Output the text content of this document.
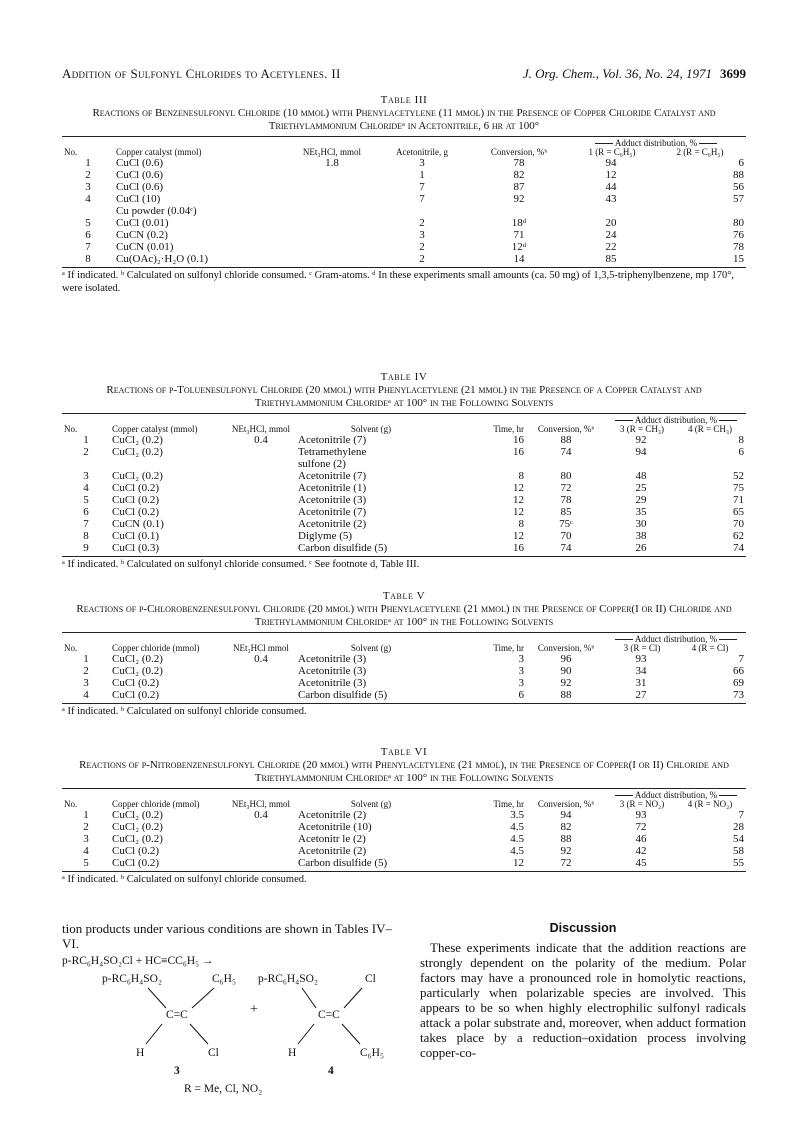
Addition of Sulfonyl Chlorides to Acetylenes. II	J. Org. Chem., Vol. 36, No. 24, 1971 3699
Table III
Reactions of Benzenesulfonyl Chloride (10 mmol) with Phenylacetylene (11 mmol) in the Presence of Copper Chloride Catalyst and Triethylammonium Chlorideᵃ in Acetonitrile, 6 hr at 100°
No.	Copper catalyst (mmol)	NEt₃HCl, mmol	Acetonitrile, g	Conversion, %ᵇ	Adduct distribution, %
1 (R = C₆H₅) 2 (R = C₆H₅)	

1	CuCl (0.6)	1.8	3	78	94	6
2	CuCl (0.6)		1	82	12	88
3	CuCl (0.6)		7	87	44	56
4	CuCl (10)		7	92	43	57
	Cu powder (0.04ᶜ)					
5	CuCl (0.01)		2	18ᵈ	20	80
6	CuCN (0.2)		3	71	24	76
7	CuCN (0.01)		2	12ᵈ	22	78
8	Cu(OAc)₂·H₂O (0.1)		2	14	85	15
ᵃ If indicated. ᵇ Calculated on sulfonyl chloride consumed. ᶜ Gram-atoms. ᵈ In these experiments small amounts (ca. 50 mg) of 1,3,5-triphenylbenzene, mp 170°, were isolated.
Table IV
Reactions of p-Toluenesulfonyl Chloride (20 mmol) with Phenylacetylene (21 mmol) in the Presence of a Copper Catalyst and Triethylammonium Chlorideᵃ at 100° in the Following Solvents
No.	Copper catalyst (mmol)	NEt₃HCl, mmol	Solvent (g)	Time, hr	Conversion, %ᵇ	Adduct distribution, %
3 (R = CH₃) 4 (R = CH₃)	

1	CuCl₂ (0.2)	0.4	Acetonitrile (7)	16	88	92	8
2	CuCl₂ (0.2)		Tetramethylene	16	74	94	6
			sulfone (2)				
3	CuCl₂ (0.2)		Acetonitrile (7)	8	80	48	52
4	CuCl (0.2)		Acetonitrile (1)	12	72	25	75
5	CuCl (0.2)		Acetonitrile (3)	12	78	29	71
6	CuCl (0.2)		Acetonitrile (7)	12	85	35	65
7	CuCN (0.1)		Acetonitrile (2)	8	75ᶜ	30	70
8	CuCl (0.1)		Diglyme (5)	12	70	38	62
9	CuCl (0.3)		Carbon disulfide (5)	16	74	26	74
ᵃ If indicated. ᵇ Calculated on sulfonyl chloride consumed. ᶜ See footnote d, Table III.
Table V
Reactions of p-Chlorobenzenesulfonyl Chloride (20 mmol) with Phenylacetylene (21 mmol) in the Presence of Copper(I or II) Chloride and Triethylammonium Chlorideᵃ at 100° in the Following Solvents
No.	Copper chloride (mmol)	NEt₃HCl mmol	Solvent (g)	Time, hr	Conversion, %ᵇ	Adduct distribution, %
3 (R = Cl) 4 (R = Cl)	

1	CuCl₂ (0.2)	0.4	Acetonitrile (3)	3	96	93	7
2	CuCl₂ (0.2)		Acetonitrile (3)	3	90	34	66
3	CuCl (0.2)		Acetonitrile (3)	3	92	31	69
4	CuCl (0.2)		Carbon disulfide (5)	6	88	27	73
ᵃ If indicated. ᵇ Calculated on sulfonyl chloride consumed.
Table VI
Reactions of p-Nitrobenzenesulfonyl Chloride (20 mmol) with Phenylacetylene (21 mmol), in the Presence of Copper(I or II) Chloride and Triethylammonium Chlorideᵃ at 100° in the Following Solvents
No.	Copper chloride (mmol)	NEt₃HCl, mmol	Solvent (g)	Time, hr	Conversion, %ᵇ	Adduct distribution, %
3 (R = NO₂) 4 (R = NO₂)	

1	CuCl₂ (0.2)	0.4	Acetonitrile (2)	3.5	94	93	7
2	CuCl₂ (0.2)		Acetonitrile (10)	4.5	82	72	28
3	CuCl₂ (0.2)		Acetonitr le (2)	4.5	88	46	54
4	CuCl (0.2)		Acetonitrile (2)	4.5	92	42	58
5	CuCl (0.2)		Carbon disulfide (5)	12	72	45	55
ᵃ If indicated. ᵇ Calculated on sulfonyl chloride consumed.
tion products under various conditions are shown in Tables IV–VI.
p-RC₆H₄SO₂Cl + HC≡CC₆H₅ →
p-RC₆H₄SO₂	C₆H₅
C=C
H	Cl
3
+
p-RC₆H₄SO₂	Cl
C=C
H	C₆H₅
4
R = Me, Cl, NO₂
Discussion
These experiments indicate that the addition reactions are strongly dependent on the polarity of the medium. Polar factors may have a pronounced role in homolytic reactions, particularly when polarizable species are involved. This appears to be so when highly electrophilic sulfonyl radicals attack a polar substrate and, moreover, when adduct formation takes place by a reduction–oxidation process involving copper-co-
